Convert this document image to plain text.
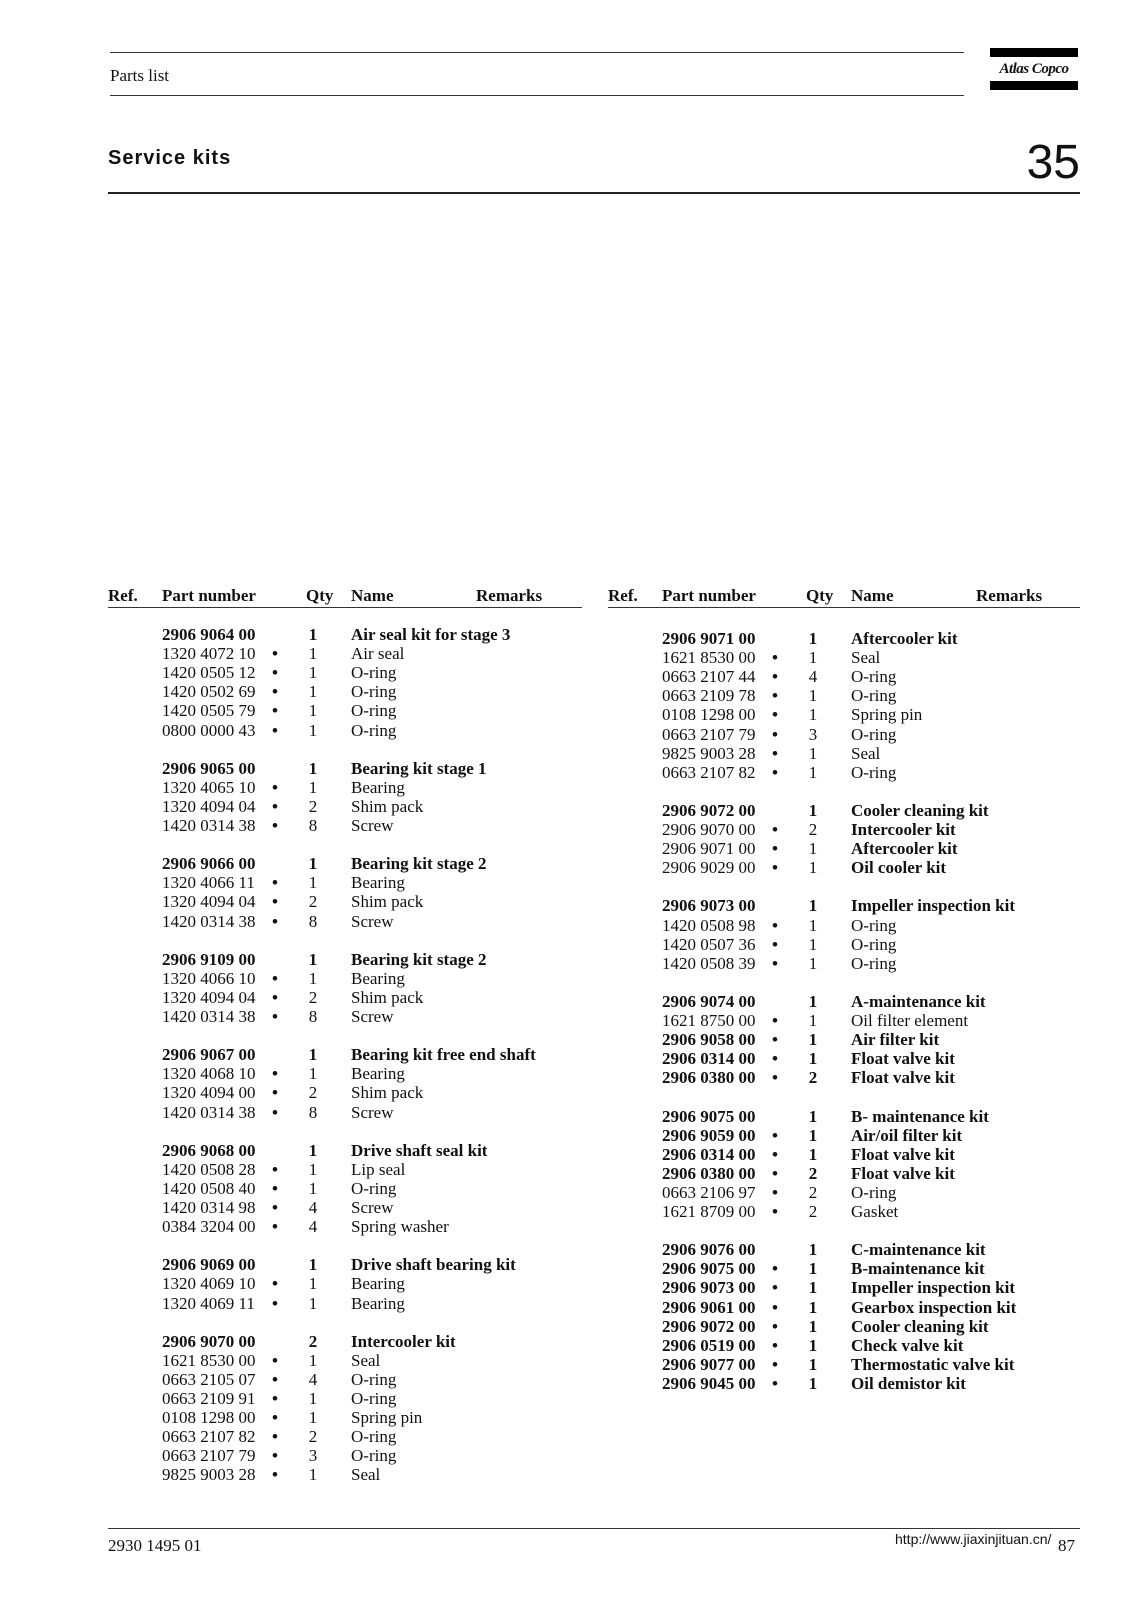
Parts list	Atlas Copco
Service kits	35
Ref. Part number	Qty Name	Remarks	Ref. Part number	Qty Name	Remarks
2906 9064 00	1 Air seal kit for stage 3
1320 4072 10 • 1 Air seal
1420 0505 12 • 1 O-ring
1420 0502 69 • 1 O-ring
1420 0505 79 • 1 O-ring
0800 0000 43 • 1 O-ring
2906 9065 00	1 Bearing kit stage 1
1320 4065 10 • 1 Bearing
1320 4094 04 • 2 Shim pack
1420 0314 38 • 8 Screw
2906 9066 00	1 Bearing kit stage 2
1320 4066 11	• 1 Bearing
1320 4094 04 • 2 Shim pack
1420 0314 38 • 8 Screw
2906 9109 00	1 Bearing kit stage 2
1320 4066 10 • 1 Bearing
1320 4094 04 • 2 Shim pack
1420 0314 38 • 8 Screw
2906 9067 00	1 Bearing kit free end shaft
1320 4068 10 • 1 Bearing
1320 4094 00 • 2 Shim pack
1420 0314 38 • 8 Screw
2906 9068 00	1 Drive shaft seal kit
1420 0508 28 • 1 Lip seal
1420 0508 40 • 1 O-ring
1420 0314 98 • 4 Screw
0384 3204 00 • 4 Spring washer
2906 9069 00	1 Drive shaft bearing kit
1320 4069 10 • 1 Bearing
1320 4069 11	• 1 Bearing
2906 9070 00	2 Intercooler kit
1621 8530 00 • 1 Seal
0663 2105 07 • 4 O-ring
0663 2109 91 • 1 O-ring
0108 1298 00 • 1 Spring pin
0663 2107 82 • 2 O-ring
0663 2107 79 • 3 O-ring
9825 9003 28 • 1 Seal
2906 9071 00	1 Aftercooler kit
1621 8530 00 • 1 Seal
0663 2107 44 • 4 O-ring
0663 2109 78 • 1 O-ring
0108 1298 00 • 1 Spring pin
0663 2107 79 • 3 O-ring
9825 9003 28 • 1 Seal
0663 2107 82 • 1 O-ring
2906 9072 00	1 Cooler cleaning kit
2906 9070 00 • 2 Intercooler kit
2906 9071 00 • 1 Aftercooler kit
2906 9029 00 • 1 Oil cooler kit
2906 9073 00	1 Impeller inspection kit
1420 0508 98 • 1 O-ring
1420 0507 36 • 1 O-ring
1420 0508 39 • 1 O-ring
2906 9074 00	1 A-maintenance kit
1621 8750 00 • 1 Oil filter element
2906 9058 00 • 1 Air filter kit
2906 0314 00 • 1 Float valve kit
2906 0380 00 • 2 Float valve kit
2906 9075 00	1 B- maintenance kit
2906 9059 00 • 1 Air/oil filter kit
2906 0314 00 • 1 Float valve kit
2906 0380 00 • 2 Float valve kit
0663 2106 97 • 2 O-ring
1621 8709 00 • 2 Gasket
2906 9076 00	1 C-maintenance kit
2906 9075 00 • 1 B-maintenance kit
2906 9073 00 • 1 Impeller inspection kit
2906 9061 00 • 1 Gearbox inspection kit
2906 9072 00 • 1 Cooler cleaning kit
2906 0519 00 • 1 Check valve kit
2906 9077 00 • 1 Thermostatic valve kit
2906 9045 00 • 1 Oil demistor kit
2930 1495 01	http://www.jiaxinjituan.cn/ 87
